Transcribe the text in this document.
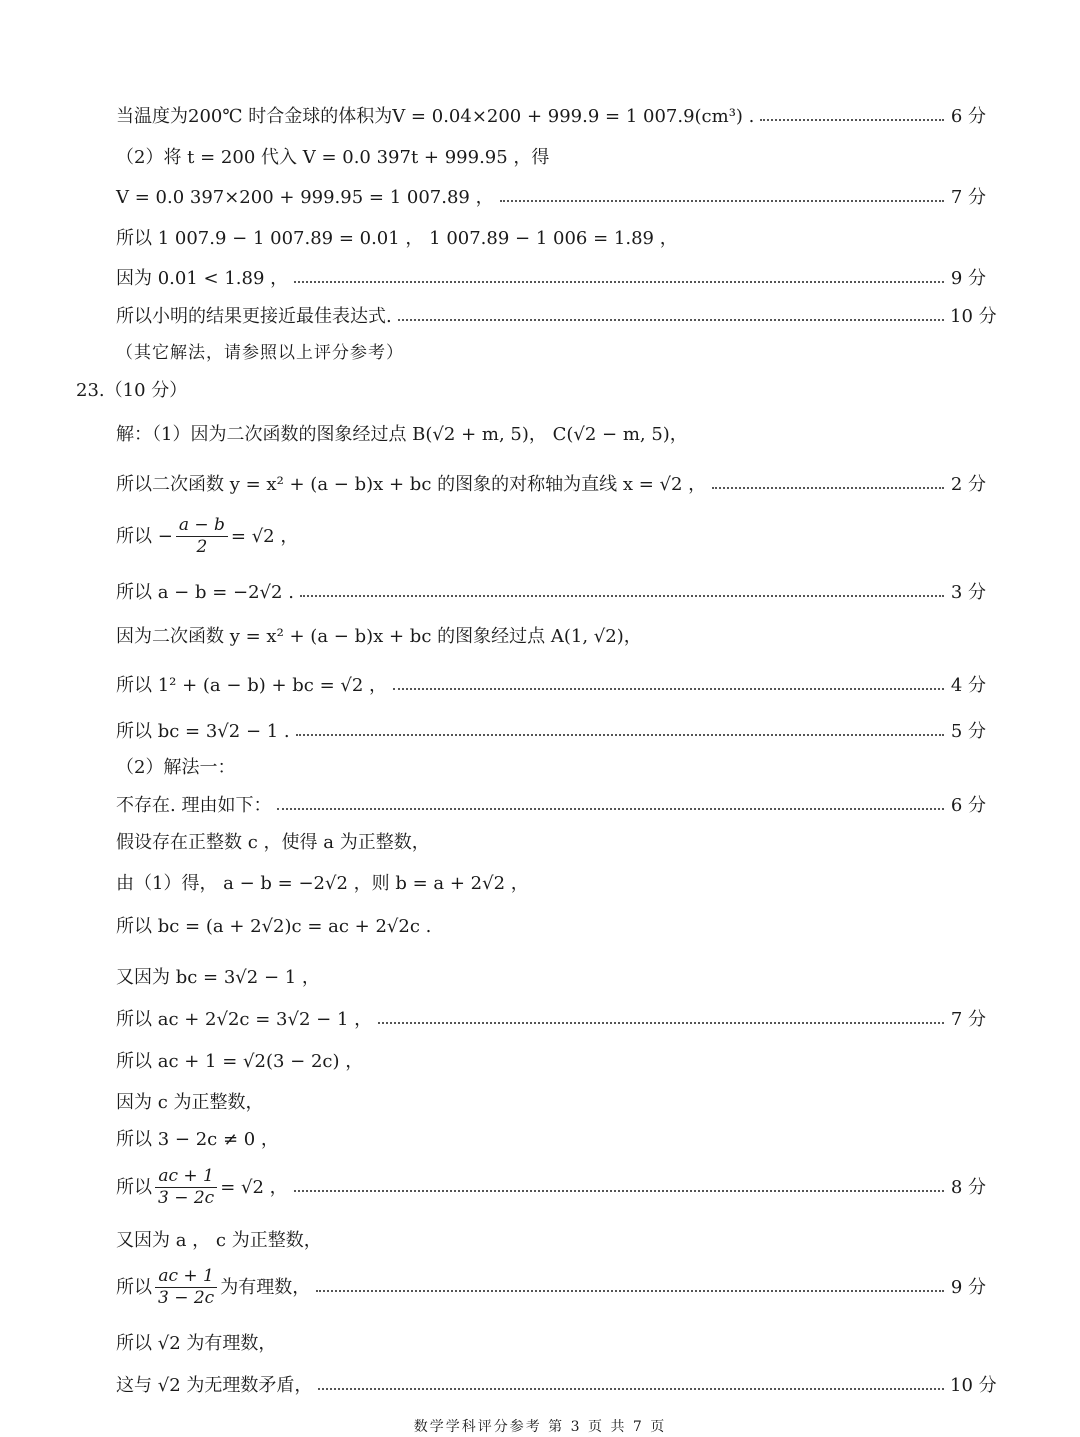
当温度为200℃ 时合金球的体积为V = 0.04×200 + 999.9 = 1 007.9(cm³) .	6 分
（2）将 t = 200 代入 V = 0.0 397t + 999.95 ，得
V = 0.0 397×200 + 999.95 = 1 007.89 ，	7 分
所以 1 007.9 − 1 007.89 = 0.01 ， 1 007.89 − 1 006 = 1.89 ，
因为 0.01 < 1.89 ，	9 分
所以小明的结果更接近最佳表达式.	10 分
（其它解法，请参照以上评分参考）
23.（10 分）
解：（1）因为二次函数的图象经过点 B(√2 + m, 5)， C(√2 − m, 5)，
所以二次函数 y = x² + (a − b)x + bc 的图象的对称轴为直线 x = √2 ，	2 分
所以 − $\frac{a - b}{2} = √2$ ，
所以 a − b = −2√2 .	3 分
因为二次函数 y = x² + (a − b)x + bc 的图象经过点 A(1, √2)，
所以 1² + (a − b) + bc = √2 ，	4 分
所以 bc = 3√2 − 1 .	5 分
（2）解法一：
不存在. 理由如下：	6 分
假设存在正整数 c ，使得 a 为正整数，
由（1）得， a − b = −2√2 ，则 b = a + 2√2 ，
所以 bc = (a + 2√2)c = ac + 2√2c .
又因为 bc = 3√2 − 1 ，
所以 ac + 2√2c = 3√2 − 1 ，	7 分
所以 ac + 1 = √2(3 − 2c) ，
因为 c 为正整数，
所以 3 − 2c ≠ 0 ，
所以 $\frac{ac + 1}{3 - 2c} = √2$ ，	8 分
又因为 a ， c 为正整数，
所以 $\frac{ac + 1}{3 - 2c}$ 为有理数，	9 分
所以 √2 为有理数，
这与 √2 为无理数矛盾，	10 分
数学学科评分参考 第 3 页 共 7 页
